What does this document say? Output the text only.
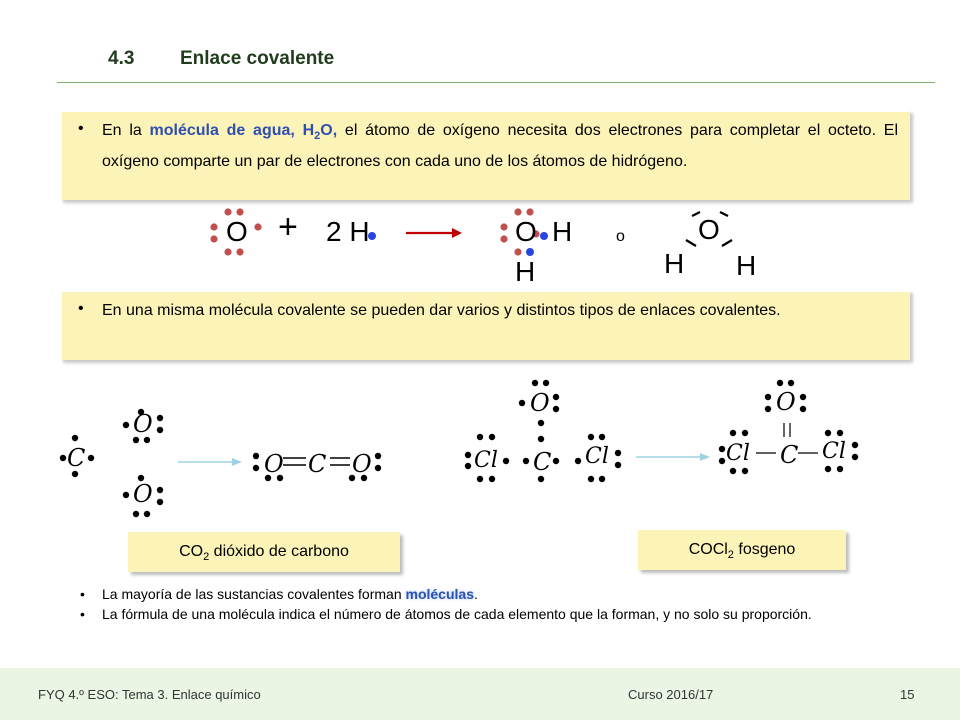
4.3 Enlace covalente
• En la molécula de agua, $H_2O$, el átomo de oxígeno necesita dos electrones para completar el octeto. El oxígeno comparte un par de electrones con cada uno de los átomos de hidrógeno.

O + 2 H	O H
H
o	O
H H
• En una misma molécula covalente se pueden dar varios y distintos tipos de enlaces covalentes.

C
O
O
O C O
$CO_2$ dióxido de carbono
O
Cl C Cl
O
Cl C Cl
COCl$_2$ fosgeno
• La mayoría de las sustancias covalentes forman moléculas.
• La fórmula de una molécula indica el número de átomos de cada elemento que la forman, y no solo su proporción.
FYQ 4.º ESO: Tema 3. Enlace químico	Curso 2016/17	15
